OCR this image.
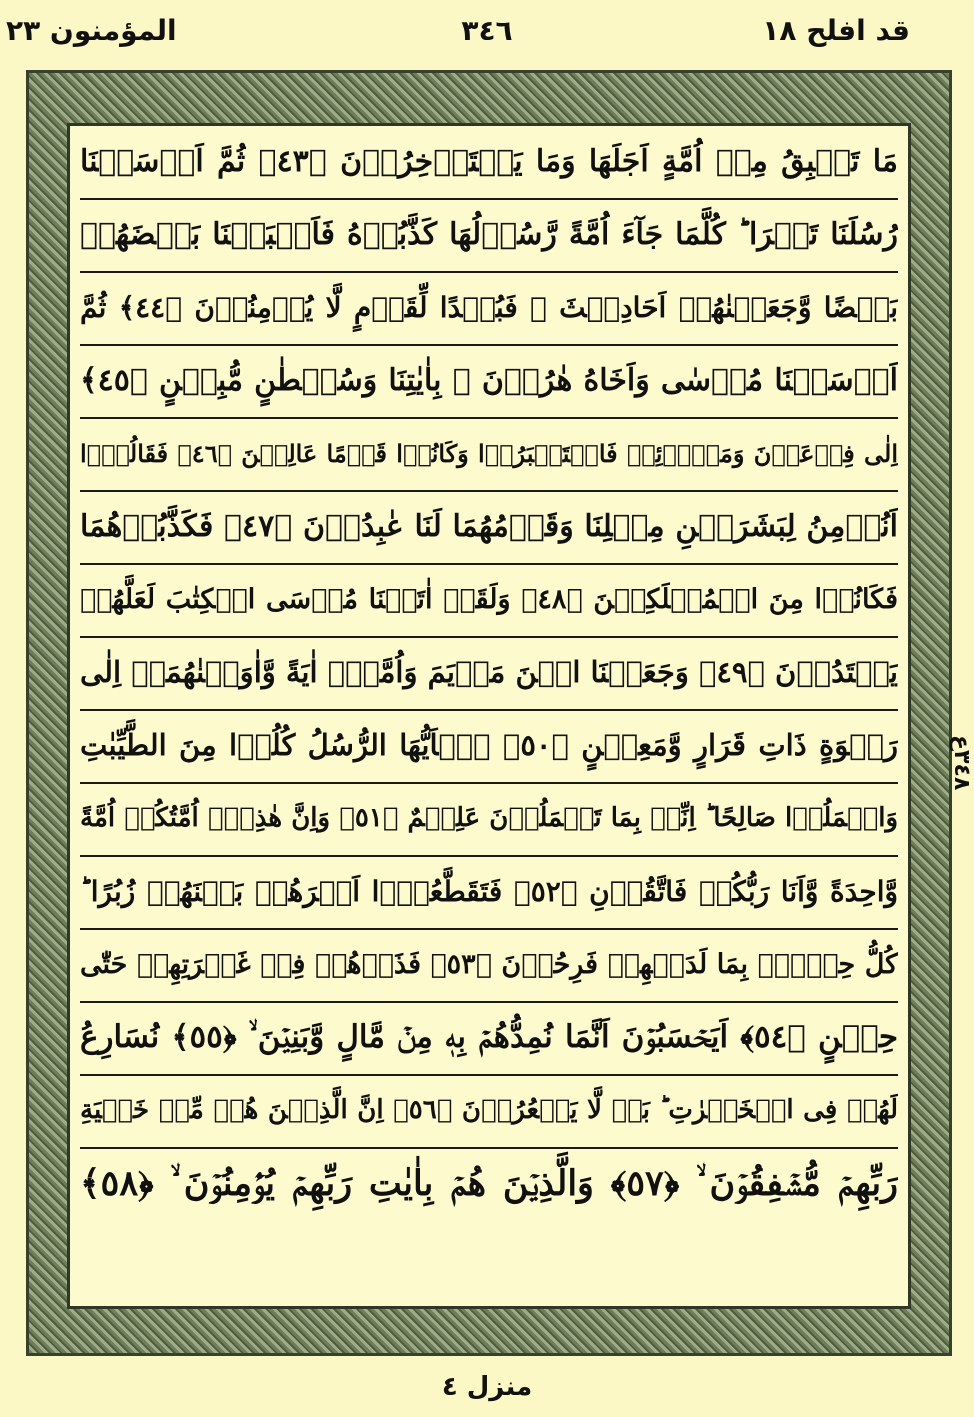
قد افلح ١٨
٣٤٦
المؤمنون ٢٣
مَا تَسۡبِقُ مِنۡ اُمَّةٍ اَجَلَهَا وَمَا يَسۡتَاۡخِرُوۡنَ ﴿٤٣﴾ ثُمَّ اَرۡسَلۡنَا
رُسُلَنَا تَتۡرَا ؕ كُلَّمَا جَآءَ اُمَّةً رَّسُوۡلُهَا كَذَّبُوۡهُ فَاَتۡبَعۡنَا بَعۡضَهُمۡ
بَعۡضًا وَّجَعَلۡنٰهُمۡ اَحَادِيۡثَ ۚ فَبُعۡدًا لِّقَوۡمٍ لَّا يُؤۡمِنُوۡنَ ﴿٤٤﴾ ثُمَّ
اَرۡسَلۡنَا مُوۡسٰى وَاَخَاهُ هٰرُوۡنَ ۙ بِاٰيٰتِنَا وَسُلۡطٰنٍ مُّبِيۡنٍ ﴿٤٥﴾
اِلٰى فِرۡعَوۡنَ وَمَلَا۟ئِهٖ فَاسۡتَكۡبَرُوۡا وَكَانُوۡا قَوۡمًا عَالِيۡنَ ﴿٤٦﴾ فَقَالُوۡۤا
اَنُؤۡمِنُ لِبَشَرَيۡنِ مِثۡلِنَا وَقَوۡمُهُمَا لَنَا عٰبِدُوۡنَ ﴿٤٧﴾ فَكَذَّبُوۡهُمَا
فَكَانُوۡا مِنَ الۡمُهۡلَكِيۡنَ ﴿٤٨﴾ وَلَقَدۡ اٰتَيۡنَا مُوۡسَى الۡكِتٰبَ لَعَلَّهُمۡ
يَهۡتَدُوۡنَ ﴿٤٩﴾ وَجَعَلۡنَا ابۡنَ مَرۡيَمَ وَاُمَّهٗۤ اٰيَةً وَّاٰوَيۡنٰهُمَاۤ اِلٰى
رَبۡوَةٍ ذَاتِ قَرَارٍ وَّمَعِيۡنٍ ﴿٥٠﴾ يٰۤاَيُّهَا الرُّسُلُ كُلُوۡا مِنَ الطَّيِّبٰتِ
وَاعۡمَلُوۡا صَالِحًا ؕ اِنِّىۡ بِمَا تَعۡمَلُوۡنَ عَلِيۡمٌ ﴿٥١﴾ وَاِنَّ هٰذِهٖۤ اُمَّتُكُمۡ اُمَّةً
وَّاحِدَةً وَّاَنَا رَبُّكُمۡ فَاتَّقُوۡنِ ﴿٥٢﴾ فَتَقَطَّعُوۡۤا اَمۡرَهُمۡ بَيۡنَهُمۡ زُبُرًا ؕ
كُلُّ حِزۡبٍۢ بِمَا لَدَيۡهِمۡ فَرِحُوۡنَ ﴿٥٣﴾ فَذَرۡهُمۡ فِىۡ غَمۡرَتِهِمۡ حَتّٰى
حِيۡنٍ ﴿٥٤﴾ اَيَحۡسَبُوۡنَ اَنَّمَا نُمِدُّهُمۡ بِهٖ مِنۡ مَّالٍ وَّبَنِيۡنَ ۙ ﴿٥٥﴾ نُسَارِعُ
لَهُمۡ فِى الۡخَيۡرٰتِ ؕ بَلۡ لَّا يَشۡعُرُوۡنَ ﴿٥٦﴾ اِنَّ الَّذِيۡنَ هُمۡ مِّنۡ خَشۡيَةِ
رَبِّهِمۡ مُّشۡفِقُوۡنَ ۙ ﴿٥٧﴾ وَالَّذِيۡنَ هُمۡ بِاٰيٰتِ رَبِّهِمۡ يُؤۡمِنُوۡنَ ۙ ﴿٥٨﴾
٣٤٨ع
منزل ٤
